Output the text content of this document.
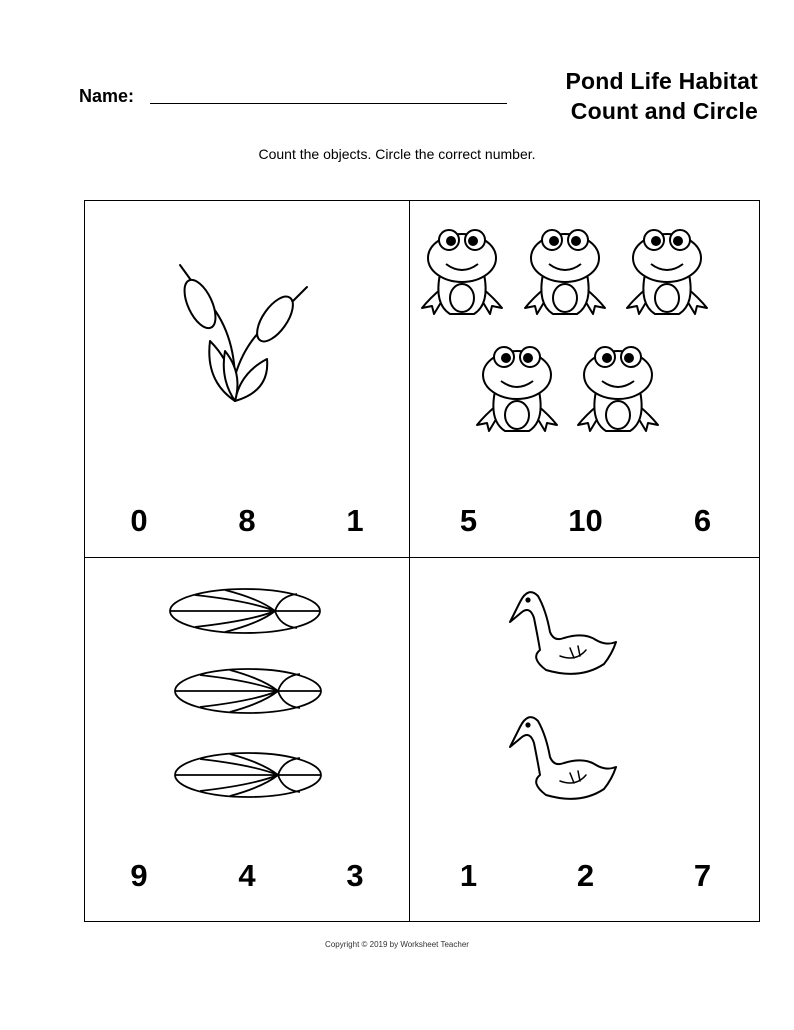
Name:
Pond Life Habitat
Count and Circle
Count the objects. Circle the correct number.
0	8	1	5	10	6
9	4	3	1	2	7
Copyright © 2019 by Worksheet Teacher
